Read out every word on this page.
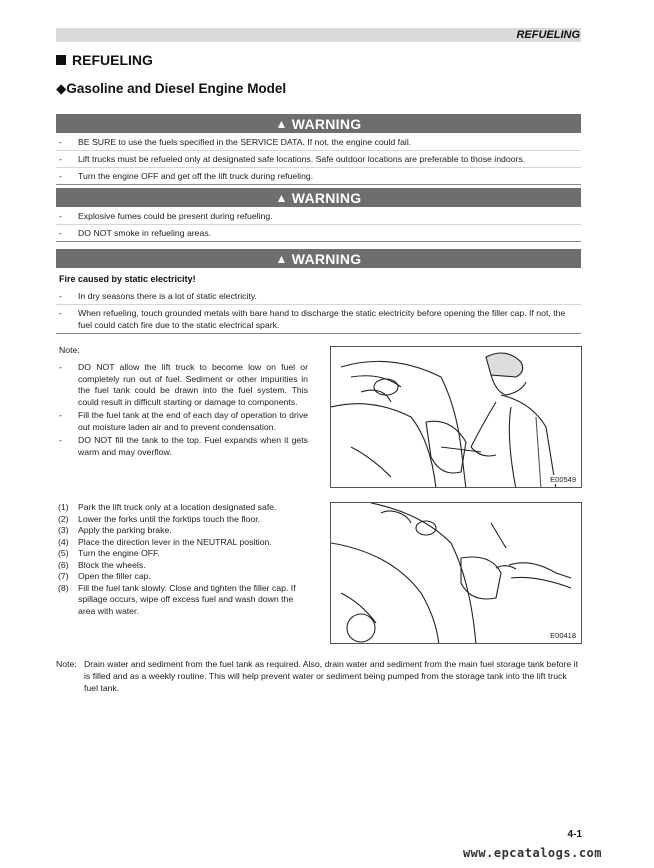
REFUELING
REFUELING
◆Gasoline and Diesel Engine Model
▲ WARNING
-	BE SURE to use the fuels specified in the SERVICE DATA. If not, the engine could fail.
-	Lift trucks must be refueled only at designated safe locations. Safe outdoor locations are preferable to those indoors.
-	Turn the engine OFF and get off the lift truck during refueling.
▲ WARNING
-	Explosive fumes could be present during refueling.
-	DO NOT smoke in refueling areas.
▲ WARNING
Fire caused by static electricity!
-	In dry seasons there is a lot of static electricity.
-	When refueling, touch grounded metals with bare hand to discharge the static electricity before opening the filler cap. If not, the fuel could catch fire due to the static electrical spark.
Note:
-	DO NOT allow the lift truck to become low on fuel or completely run out of fuel. Sediment or other impurities in the fuel tank could be drawn into the fuel system. This could result in difficult starting or damage to components.
-	Fill the fuel tank at the end of each day of operation to drive out moisture laden air and to prevent condensation.
-	DO NOT fill the tank to the top. Fuel expands when it gets warm and may overflow.
E00549
(1)	Park the lift truck only at a location designated safe.
(2)	Lower the forks until the forktips touch the floor.
(3)	Apply the parking brake.
(4)	Place the direction lever in the NEUTRAL position.
(5)	Turn the engine OFF.
(6)	Block the wheels.
(7)	Open the filler cap.
(8)	Fill the fuel tank slowly. Close and tighten the filler cap. If spillage occurs, wipe off excess fuel and wash down the area with water.
E00418
Note: Drain water and sediment from the fuel tank as required. Also, drain water and sediment from the main fuel storage tank before it is filled and as a weekly routine. This will help prevent water or sediment being pumped from the storage tank into the lift truck fuel tank.
4-1
www.epcatalogs.com
